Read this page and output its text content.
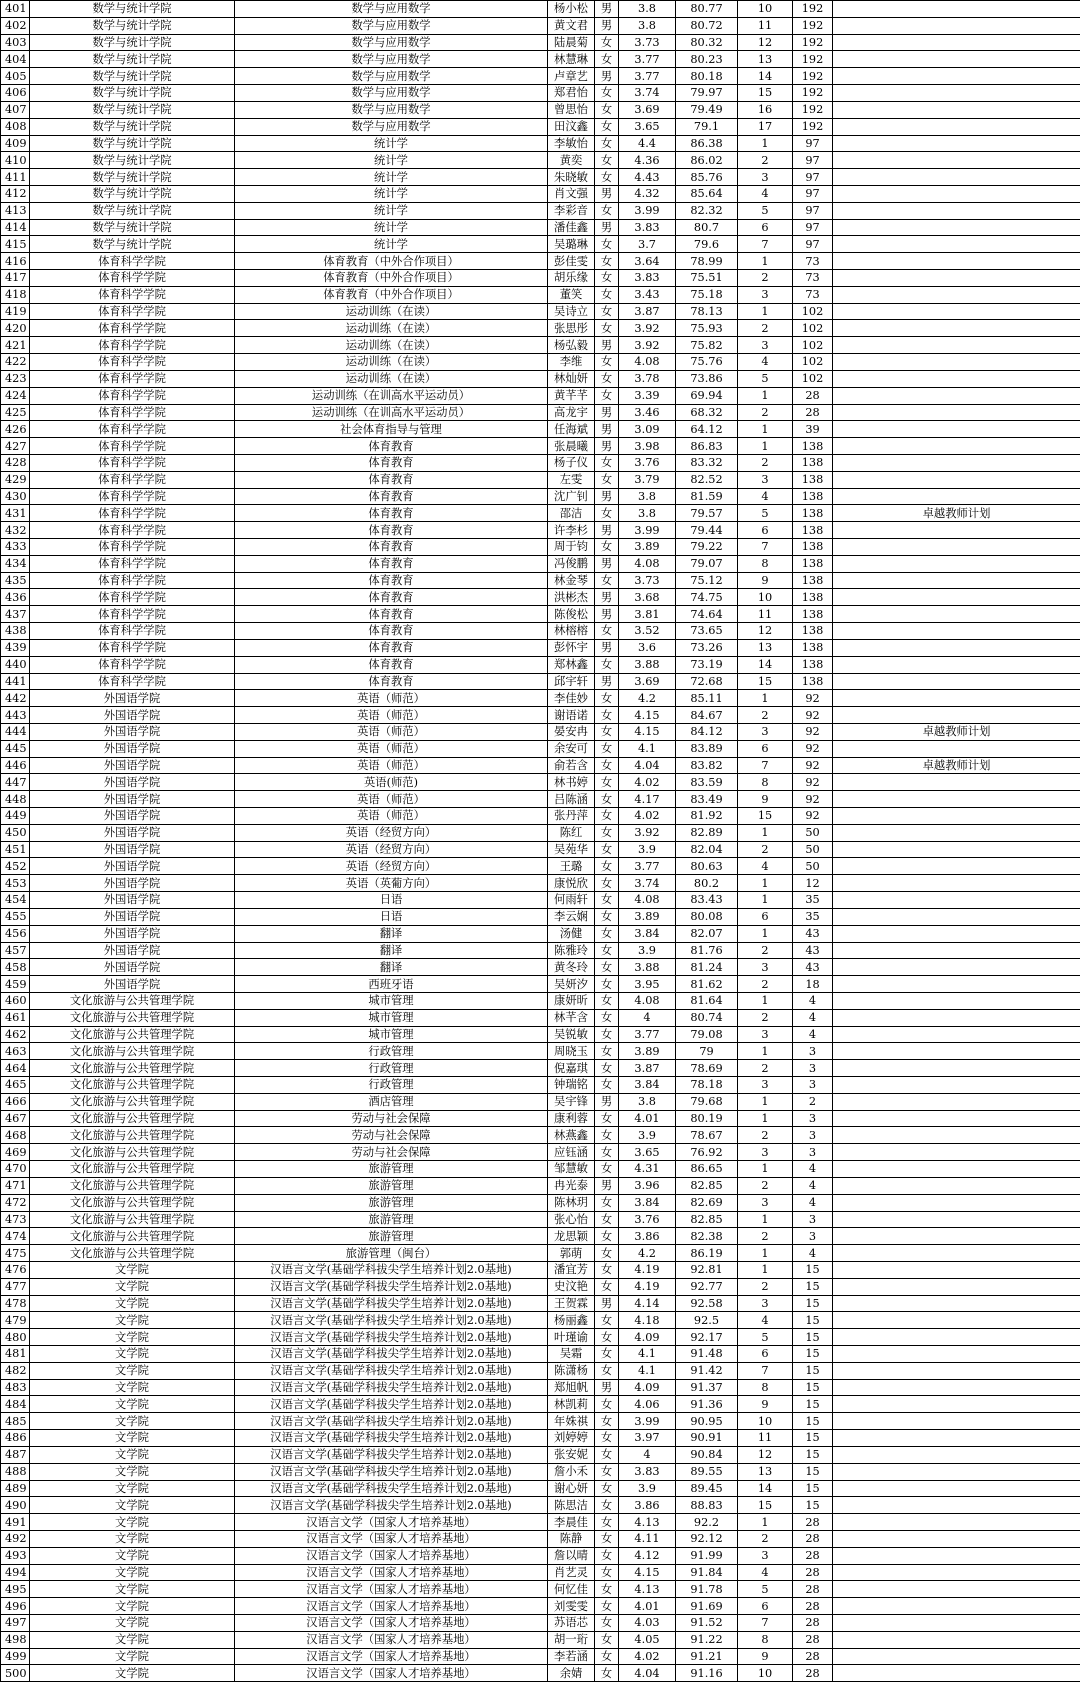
401	数学与统计学院	数学与应用数学	杨小松	男	3.8	80.77	10	192	
402	数学与统计学院	数学与应用数学	黄文君	男	3.8	80.72	11	192	
403	数学与统计学院	数学与应用数学	陆晨菊	女	3.73	80.32	12	192	
404	数学与统计学院	数学与应用数学	林慧琳	女	3.77	80.23	13	192	
405	数学与统计学院	数学与应用数学	卢章艺	男	3.77	80.18	14	192	
406	数学与统计学院	数学与应用数学	郑君怡	女	3.74	79.97	15	192	
407	数学与统计学院	数学与应用数学	曾思怡	女	3.69	79.49	16	192	
408	数学与统计学院	数学与应用数学	田汶鑫	女	3.65	79.1	17	192	
409	数学与统计学院	统计学	李敏怡	女	4.4	86.38	1	97	
410	数学与统计学院	统计学	黄奕	女	4.36	86.02	2	97	
411	数学与统计学院	统计学	朱晓敏	女	4.43	85.76	3	97	
412	数学与统计学院	统计学	肖文强	男	4.32	85.64	4	97	
413	数学与统计学院	统计学	李彩音	女	3.99	82.32	5	97	
414	数学与统计学院	统计学	潘佳鑫	男	3.83	80.7	6	97	
415	数学与统计学院	统计学	吴璐琳	女	3.7	79.6	7	97	
416	体育科学学院	体育教育（中外合作项目）	彭佳雯	女	3.64	78.99	1	73	
417	体育科学学院	体育教育（中外合作项目）	胡乐缘	女	3.83	75.51	2	73	
418	体育科学学院	体育教育（中外合作项目）	董笑	女	3.43	75.18	3	73	
419	体育科学学院	运动训练（在读）	吴诗立	女	3.87	78.13	1	102	
420	体育科学学院	运动训练（在读）	张思彤	女	3.92	75.93	2	102	
421	体育科学学院	运动训练（在读）	杨弘毅	男	3.92	75.82	3	102	
422	体育科学学院	运动训练（在读）	李维	女	4.08	75.76	4	102	
423	体育科学学院	运动训练（在读）	林灿妍	女	3.78	73.86	5	102	
424	体育科学学院	运动训练（在训高水平运动员）	黄芊芊	女	3.39	69.94	1	28	
425	体育科学学院	运动训练（在训高水平运动员）	高龙宇	男	3.46	68.32	2	28	
426	体育科学学院	社会体育指导与管理	任海斌	男	3.09	64.12	1	39	
427	体育科学学院	体育教育	张晨曦	男	3.98	86.83	1	138	
428	体育科学学院	体育教育	杨子仪	女	3.76	83.32	2	138	
429	体育科学学院	体育教育	左雯	女	3.79	82.52	3	138	
430	体育科学学院	体育教育	沈广钊	男	3.8	81.59	4	138	
431	体育科学学院	体育教育	邵洁	女	3.8	79.57	5	138	卓越教师计划
432	体育科学学院	体育教育	许李杉	男	3.99	79.44	6	138	
433	体育科学学院	体育教育	周于钧	女	3.89	79.22	7	138	
434	体育科学学院	体育教育	冯俊鹏	男	4.08	79.07	8	138	
435	体育科学学院	体育教育	林金琴	女	3.73	75.12	9	138	
436	体育科学学院	体育教育	洪彬杰	男	3.68	74.75	10	138	
437	体育科学学院	体育教育	陈俊松	男	3.81	74.64	11	138	
438	体育科学学院	体育教育	林榕榕	女	3.52	73.65	12	138	
439	体育科学学院	体育教育	彭怀宇	男	3.6	73.26	13	138	
440	体育科学学院	体育教育	郑林鑫	女	3.88	73.19	14	138	
441	体育科学学院	体育教育	邱宇轩	男	3.69	72.68	15	138	
442	外国语学院	英语（师范）	李佳妙	女	4.2	85.11	1	92	
443	外国语学院	英语（师范）	谢语诺	女	4.15	84.67	2	92	
444	外国语学院	英语（师范）	晏安冉	女	4.15	84.12	3	92	卓越教师计划
445	外国语学院	英语（师范）	余安可	女	4.1	83.89	6	92	
446	外国语学院	英语（师范）	俞若含	女	4.04	83.82	7	92	卓越教师计划
447	外国语学院	英语(师范)	林书婷	女	4.02	83.59	8	92	
448	外国语学院	英语（师范）	吕陈涵	女	4.17	83.49	9	92	
449	外国语学院	英语（师范）	张丹萍	女	4.02	81.92	15	92	
450	外国语学院	英语（经贸方向）	陈红	女	3.92	82.89	1	50	
451	外国语学院	英语（经贸方向）	吴苑华	女	3.9	82.04	2	50	
452	外国语学院	英语（经贸方向）	王璐	女	3.77	80.63	4	50	
453	外国语学院	英语（英葡方向）	康悦欣	女	3.74	80.2	1	12	
454	外国语学院	日语	何雨轩	女	4.08	83.43	1	35	
455	外国语学院	日语	李云娴	女	3.89	80.08	6	35	
456	外国语学院	翻译	汤健	女	3.84	82.07	1	43	
457	外国语学院	翻译	陈雅玲	女	3.9	81.76	2	43	
458	外国语学院	翻译	黄冬玲	女	3.88	81.24	3	43	
459	外国语学院	西班牙语	吴妍汐	女	3.95	81.62	2	18	
460	文化旅游与公共管理学院	城市管理	康妍昕	女	4.08	81.64	1	4	
461	文化旅游与公共管理学院	城市管理	林芊含	女	4	80.74	2	4	
462	文化旅游与公共管理学院	城市管理	吴锐敏	女	3.77	79.08	3	4	
463	文化旅游与公共管理学院	行政管理	周晓玉	女	3.89	79	1	3	
464	文化旅游与公共管理学院	行政管理	倪嘉琪	女	3.87	78.69	2	3	
465	文化旅游与公共管理学院	行政管理	钟瑞铭	女	3.84	78.18	3	3	
466	文化旅游与公共管理学院	酒店管理	吴宇锋	男	3.8	79.68	1	2	
467	文化旅游与公共管理学院	劳动与社会保障	康利蓉	女	4.01	80.19	1	3	
468	文化旅游与公共管理学院	劳动与社会保障	林燕鑫	女	3.9	78.67	2	3	
469	文化旅游与公共管理学院	劳动与社会保障	应钰涵	女	3.65	76.92	3	3	
470	文化旅游与公共管理学院	旅游管理	邹慧敏	女	4.31	86.65	1	4	
471	文化旅游与公共管理学院	旅游管理	冉光泰	男	3.96	82.85	2	4	
472	文化旅游与公共管理学院	旅游管理	陈林玥	女	3.84	82.69	3	4	
473	文化旅游与公共管理学院	旅游管理	张心怡	女	3.76	82.85	1	3	
474	文化旅游与公共管理学院	旅游管理	龙思颖	女	3.86	82.38	2	3	
475	文化旅游与公共管理学院	旅游管理（闽台）	郭萌	女	4.2	86.19	1	4	
476	文学院	汉语言文学(基础学科拔尖学生培养计划2.0基地)	潘宜芳	女	4.19	92.81	1	15	
477	文学院	汉语言文学(基础学科拔尖学生培养计划2.0基地)	史汶艳	女	4.19	92.77	2	15	
478	文学院	汉语言文学(基础学科拔尖学生培养计划2.0基地)	王贺霖	男	4.14	92.58	3	15	
479	文学院	汉语言文学(基础学科拔尖学生培养计划2.0基地)	杨丽鑫	女	4.18	92.5	4	15	
480	文学院	汉语言文学(基础学科拔尖学生培养计划2.0基地)	叶瑾谕	女	4.09	92.17	5	15	
481	文学院	汉语言文学(基础学科拔尖学生培养计划2.0基地)	吴霜	女	4.1	91.48	6	15	
482	文学院	汉语言文学(基础学科拔尖学生培养计划2.0基地)	陈潇杨	女	4.1	91.42	7	15	
483	文学院	汉语言文学(基础学科拔尖学生培养计划2.0基地)	郑旭帆	男	4.09	91.37	8	15	
484	文学院	汉语言文学(基础学科拔尖学生培养计划2.0基地)	林凯莉	女	4.06	91.36	9	15	
485	文学院	汉语言文学(基础学科拔尖学生培养计划2.0基地)	年姝祺	女	3.99	90.95	10	15	
486	文学院	汉语言文学(基础学科拔尖学生培养计划2.0基地)	刘婷婷	女	3.97	90.91	11	15	
487	文学院	汉语言文学(基础学科拔尖学生培养计划2.0基地)	张安妮	女	4	90.84	12	15	
488	文学院	汉语言文学(基础学科拔尖学生培养计划2.0基地)	詹小禾	女	3.83	89.55	13	15	
489	文学院	汉语言文学(基础学科拔尖学生培养计划2.0基地)	谢心妍	女	3.9	89.45	14	15	
490	文学院	汉语言文学(基础学科拔尖学生培养计划2.0基地)	陈思洁	女	3.86	88.83	15	15	
491	文学院	汉语言文学（国家人才培养基地）	李晨佳	女	4.13	92.2	1	28	
492	文学院	汉语言文学（国家人才培养基地）	陈静	女	4.11	92.12	2	28	
493	文学院	汉语言文学（国家人才培养基地）	詹以晴	女	4.12	91.99	3	28	
494	文学院	汉语言文学（国家人才培养基地）	肖艺灵	女	4.15	91.84	4	28	
495	文学院	汉语言文学（国家人才培养基地）	何忆佳	女	4.13	91.78	5	28	
496	文学院	汉语言文学（国家人才培养基地）	刘雯雯	女	4.01	91.69	6	28	
497	文学院	汉语言文学（国家人才培养基地）	苏语芯	女	4.03	91.52	7	28	
498	文学院	汉语言文学（国家人才培养基地）	胡一珩	女	4.05	91.22	8	28	
499	文学院	汉语言文学（国家人才培养基地）	李若涵	女	4.02	91.21	9	28	
500	文学院	汉语言文学（国家人才培养基地）	余婧	女	4.04	91.16	10	28	
